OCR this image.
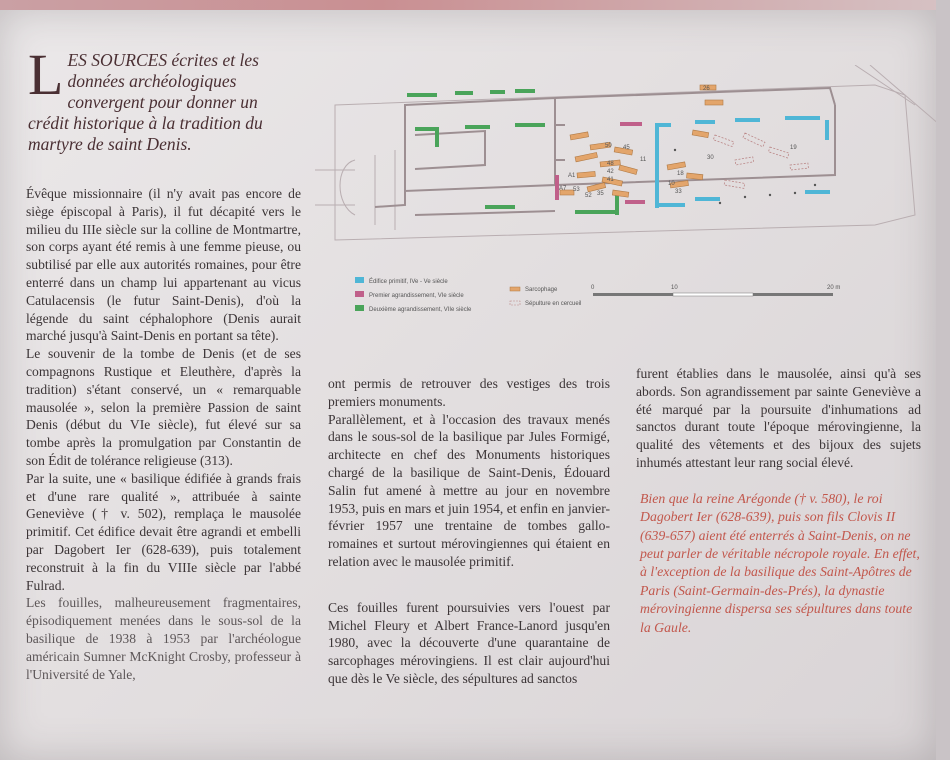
L ES SOURCES écrites et les données archéologiques convergent pour donner un crédit historique à la tradition du martyre de saint Denis.	50 45
11	30
19
48
42
41
18
A1
A7 53
52 35	33
10
26
Édifice primitif, IVe - Ve siècle
Premier agrandissement, VIe siècle
Deuxième agrandissement, VIIe siècle
Sarcophage
Sépulture en cercueil
0	10	20 m

Évêque missionnaire (il n'y avait pas encore de siège épiscopal à Paris), il fut décapité vers le milieu du IIIe siècle sur la colline de Montmartre, son corps ayant été remis à une femme pieuse, ou subtilisé par elle aux autorités romaines, pour être enterré dans un champ lui appartenant au vicus Catulacensis (le futur Saint-Denis), d'où la légende du saint céphalophore (Denis aurait marché jusqu'à Saint-Denis en portant sa tête).

Le souvenir de la tombe de Denis (et de ses compagnons Rustique et Eleuthère, d'après la tradition) s'étant conservé, un « remarquable mausolée », selon la première Passion de saint Denis (début du VIe siècle), fut élevé sur sa tombe après la promulgation par Constantin de son Édit de tolérance religieuse (313).

Par la suite, une « basilique édifiée à grands frais et d'une rare qualité », attribuée à sainte Geneviève († v. 502), remplaça le mausolée primitif. Cet édifice devait être agrandi et embelli par Dagobert Ier (628-639), puis totalement reconstruit à la fin du VIIIe siècle par l'abbé Fulrad.

Les fouilles, malheureusement fragmentaires, épisodiquement menées dans le sous-sol de la basilique de 1938 à 1953 par l'archéologue américain Sumner McKnight Crosby, professeur à l'Université de Yale,

ont permis de retrouver des vestiges des trois premiers monuments.

Parallèlement, et à l'occasion des travaux menés dans le sous-sol de la basilique par Jules Formigé, architecte en chef des Monuments historiques chargé de la basilique de Saint-Denis, Édouard Salin fut amené à mettre au jour en novembre 1953, puis en mars et juin 1954, et enfin en janvier-février 1957 une trentaine de tombes gallo-romaines et surtout mérovingiennes qui étaient en relation avec le mausolée primitif.

Ces fouilles furent poursuivies vers l'ouest par Michel Fleury et Albert France-Lanord jusqu'en 1980, avec la découverte d'une quarantaine de sarcophages mérovingiens. Il est clair aujourd'hui que dès le Ve siècle, des sépultures ad sanctos

furent établies dans le mausolée, ainsi qu'à ses abords. Son agrandissement par sainte Geneviève a été marqué par la poursuite d'inhumations ad sanctos durant toute l'époque mérovingienne, la qualité des vêtements et des bijoux des sujets inhumés attestant leur rang social élevé.

Bien que la reine Arégonde († v. 580), le roi Dagobert Ier (628-639), puis son fils Clovis II (639-657) aient été enterrés à Saint-Denis, on ne peut parler de véritable nécropole royale. En effet, à l'exception de la basilique des Saint-Apôtres de Paris (Saint-Germain-des-Prés), la dynastie mérovingienne dispersa ses sépultures dans toute la Gaule.
